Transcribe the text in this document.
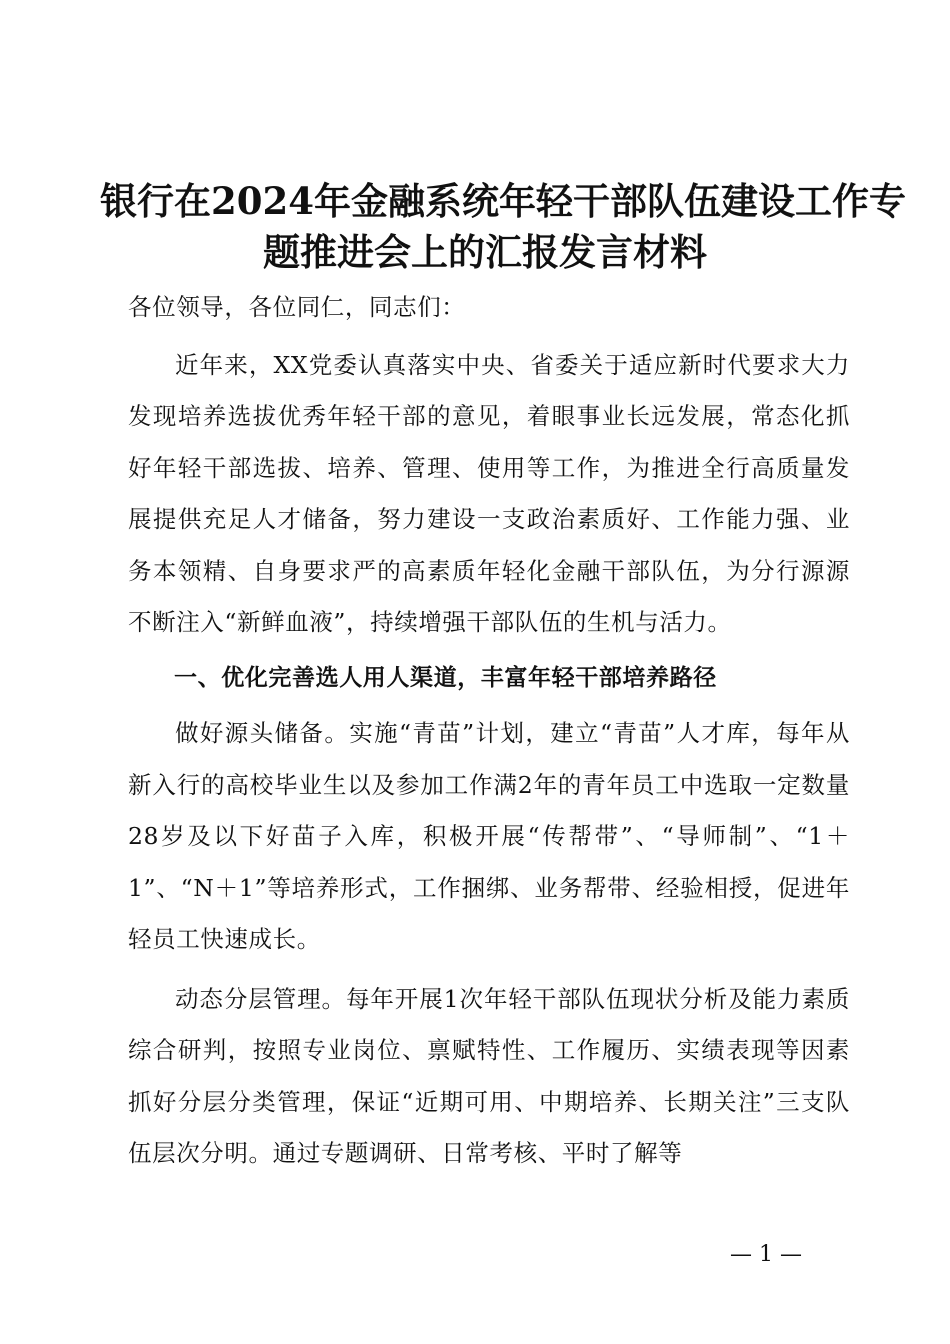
银行在2024年金融系统年轻干部队伍建设工作专
题推进会上的汇报发言材料

各位领导，各位同仁，同志们：

近年来，XX党委认真落实中央、省委关于适应新时代要求大力发现培养选拔优秀年轻干部的意见，着眼事业长远发展，常态化抓好年轻干部选拔、培养、管理、使用等工作，为推进全行高质量发展提供充足人才储备，努力建设一支政治素质好、工作能力强、业务本领精、自身要求严的高素质年轻化金融干部队伍，为分行源源不断注入“新鲜血液”，持续增强干部队伍的生机与活力。

一、优化完善选人用人渠道，丰富年轻干部培养路径

做好源头储备。实施“青苗”计划，建立“青苗”人才库，每年从新入行的高校毕业生以及参加工作满2年的青年员工中选取一定数量28岁及以下好苗子入库，积极开展“传帮带”、“导师制”、“1＋1”、“N＋1”等培养形式，工作捆绑、业务帮带、经验相授，促进年轻员工快速成长。

动态分层管理。每年开展1次年轻干部队伍现状分析及能力素质综合研判，按照专业岗位、禀赋特性、工作履历、实绩表现等因素抓好分层分类管理，保证“近期可用、中期培养、长期关注”三支队伍层次分明。通过专题调研、日常考核、平时了解等

— 1 —
